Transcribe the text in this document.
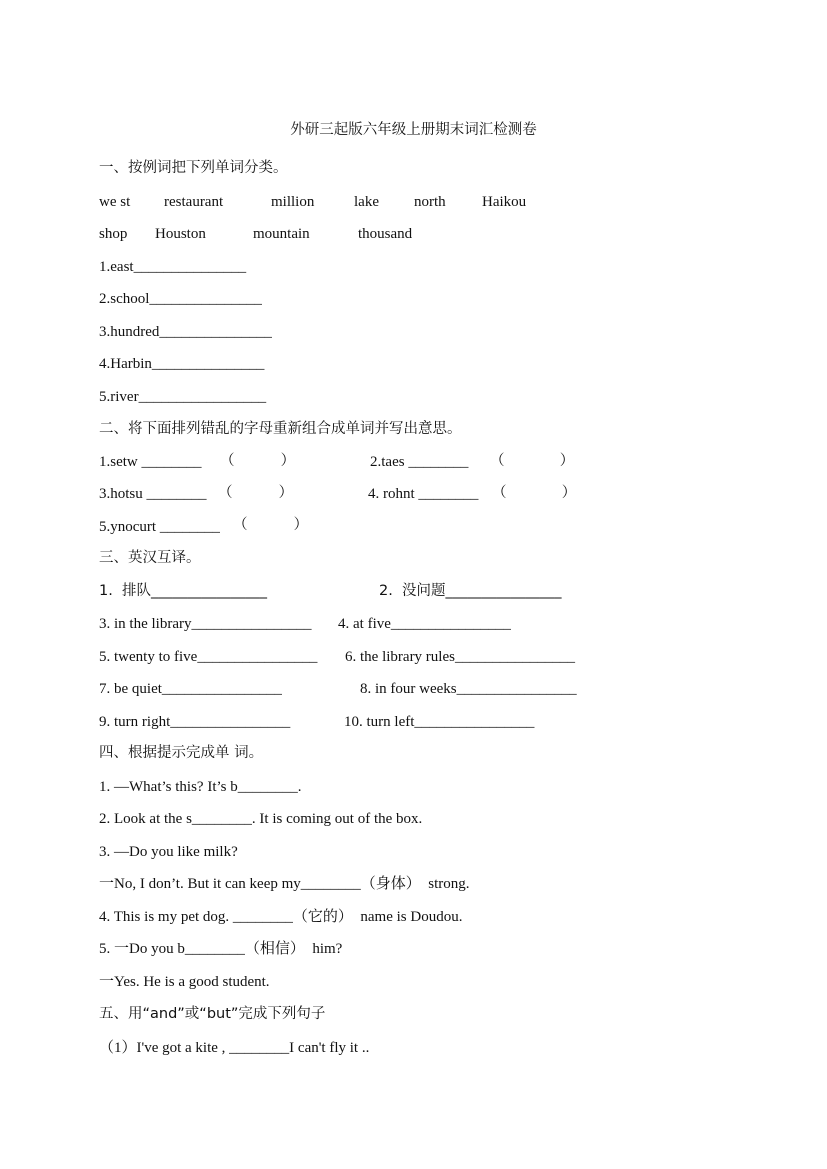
外研三起版六年级上册期末词汇检测卷
一、按例词把下列单词分类。
we st restaurant	million	lake north Haikou
shop Houston	mountain	thousand
1.east_______________
2.school_______________
3.hundred_______________
4.Harbin_______________
5.river_________________
二、将下面排列错乱的字母重新组合成单词并写出意思。
1.setw ________ （          ）	2.taes ________ （            ）
3.hotsu ________ （          ）	4. rohnt ________ （            ）
5.ynocurt ________ （          ）
三、英汉互译。
1.  排队________________	2.  没问题________________
3. in the library________________ 4. at five________________
5. twenty to five________________ 6. the library rules________________
7. be quiet________________	8. in four weeks________________
9. turn right________________	10. turn left________________
四、根据提示完成单 词。
1. —What’s this? It’s b________.
2. Look at the s________. It is coming out of the box.
3. —Do you like milk?
一No, I don’t. But it can keep my________（身体）  strong.
4. This is my pet dog. ________（它的）  name is Doudou.
5. 一Do you b________（相信）  him?
一Yes. He is a good student.
五、用“and”或“but”完成下列句子
（1）I've got a kite , ________I can't fly it ..
